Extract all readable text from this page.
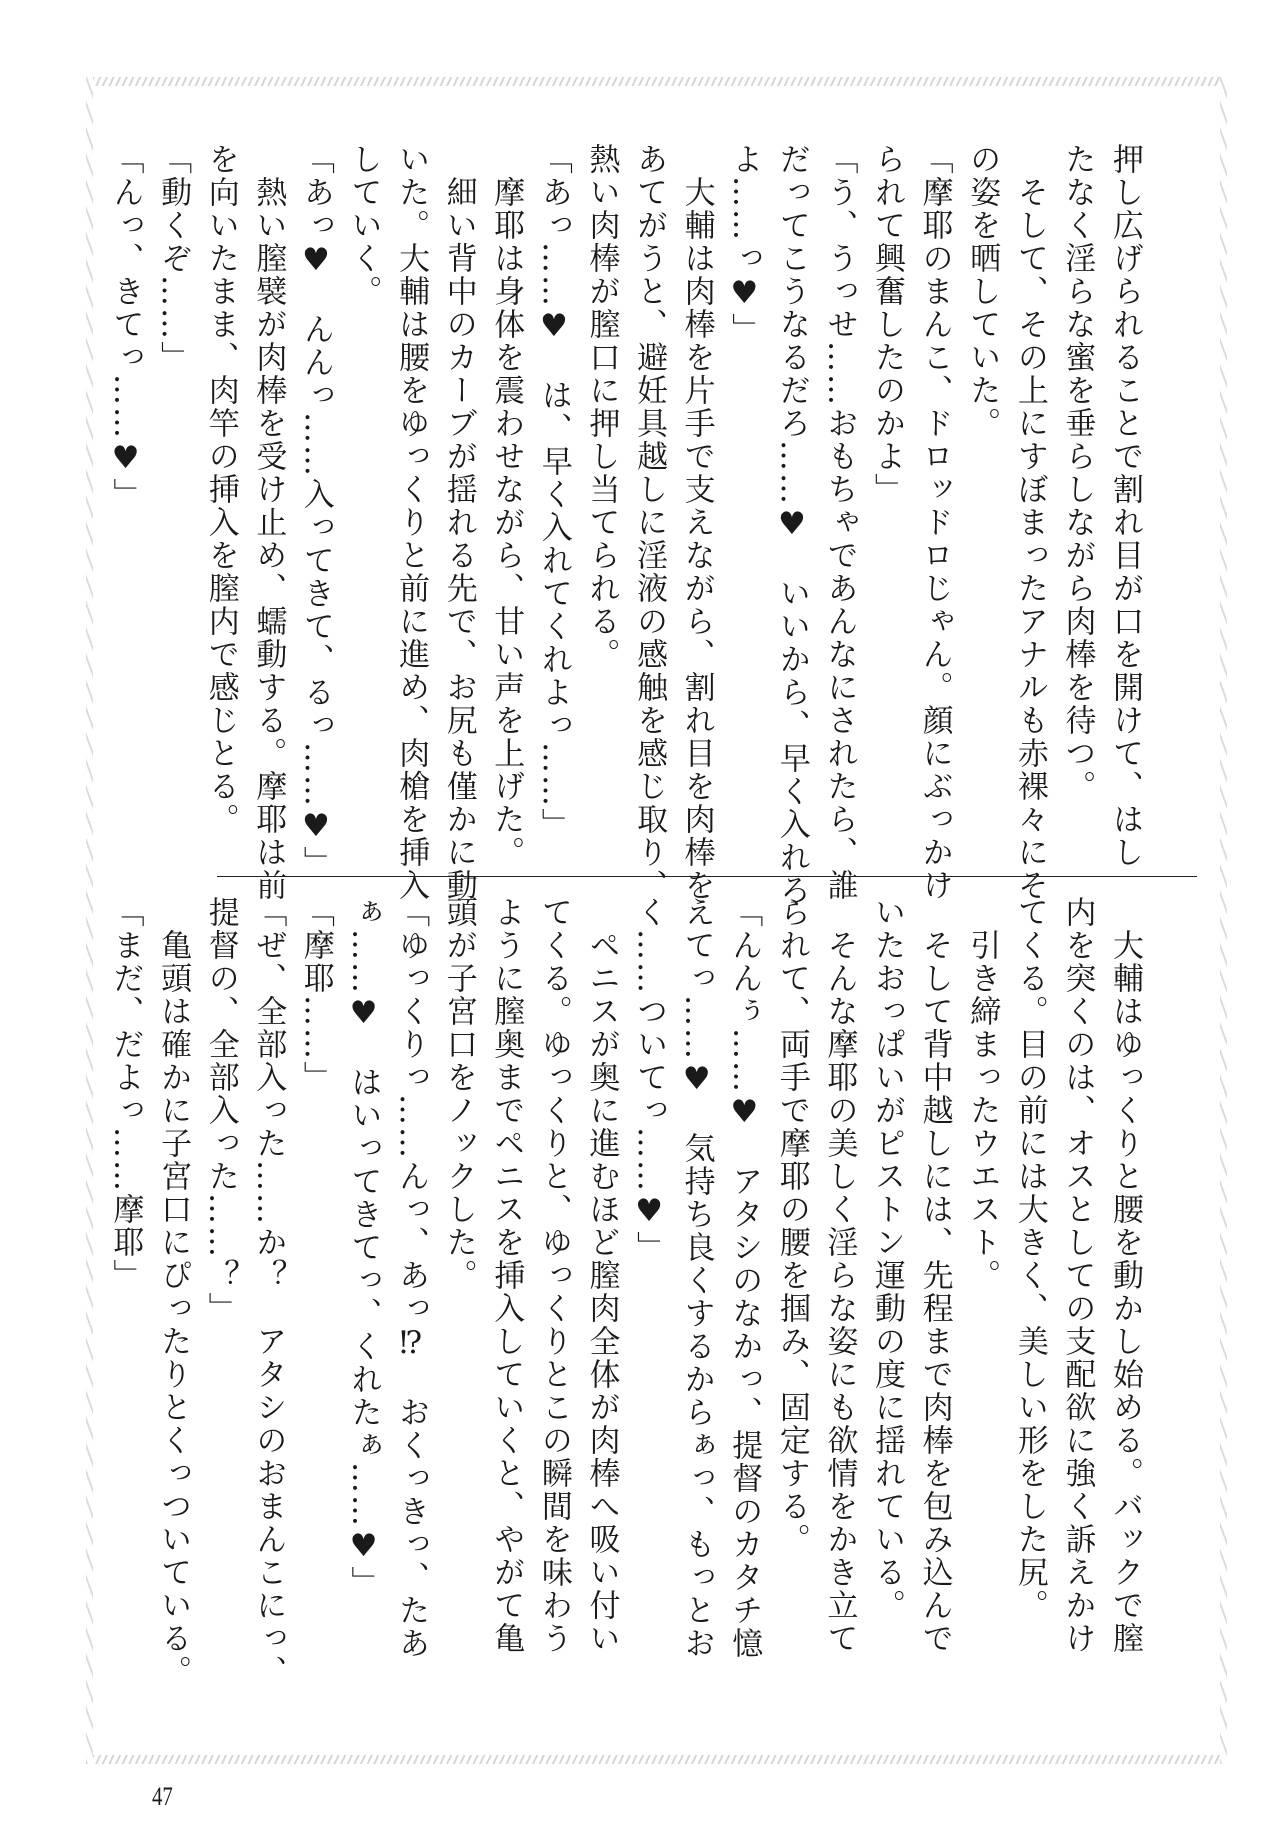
押し広げられることで割れ目が口を開けて、はし
たなく淫らな蜜を垂らしながら肉棒を待つ。
　そして、その上にすぼまったアナルも赤裸々にそ
の姿を晒していた。
「摩耶のまんこ、ドロッドロじゃん。顔にぶっかけ
られて興奮したのかよ」
「う、うっせ……おもちゃであんなにされたら、誰
だってこうなるだろ……♥　いいから、早く入れろ
よ……っ♥」
　大輔は肉棒を片手で支えながら、割れ目を肉棒を
あてがうと、避妊具越しに淫液の感触を感じ取り、
熱い肉棒が膣口に押し当てられる。
「あっ……♥　は、早く入れてくれよっ……」
　摩耶は身体を震わせながら、甘い声を上げた。
　細い背中のカーブが揺れる先で、お尻も僅かに動
いた。大輔は腰をゆっくりと前に進め、肉槍を挿入
していく。
「あっ♥　んんっ……入ってきて、るっ……♥」
　熱い膣襞が肉棒を受け止め、蠕動する。摩耶は前
を向いたまま、肉竿の挿入を膣内で感じとる。
「動くぞ……」
「んっ、きてっ……♥」
　大輔はゆっくりと腰を動かし始める。バックで膣
内を突くのは、オスとしての支配欲に強く訴えかけ
てくる。目の前には大きく、美しい形をした尻。
　引き締まったウエスト。
　そして背中越しには、先程まで肉棒を包み込んで
いたおっぱいがピストン運動の度に揺れている。
　そんな摩耶の美しく淫らな姿にも欲情をかき立て
られて、両手で摩耶の腰を掴み、固定する。
「んんぅ……♥　アタシのなかっ、提督のカタチ憶
えてっ……♥　気持ち良くするからぁっ、もっとお
く……ついてっ……♥」
　ペニスが奥に進むほど膣肉全体が肉棒へ吸い付い
てくる。ゆっくりと、ゆっくりとこの瞬間を味わう
ように膣奥までペニスを挿入していくと、やがて亀
頭が子宮口をノックした。
「ゆっくりっ……んっ、あっ⁉　おくっきっ、たあ
ぁ……♥　はいってきてっ、くれたぁ……♥」
「摩耶……」
「ぜ、全部入った……か？　アタシのおまんこにっ、
提督の、全部入った……？」
　亀頭は確かに子宮口にぴったりとくっついている。
「まだ、だよっ……摩耶」
47
